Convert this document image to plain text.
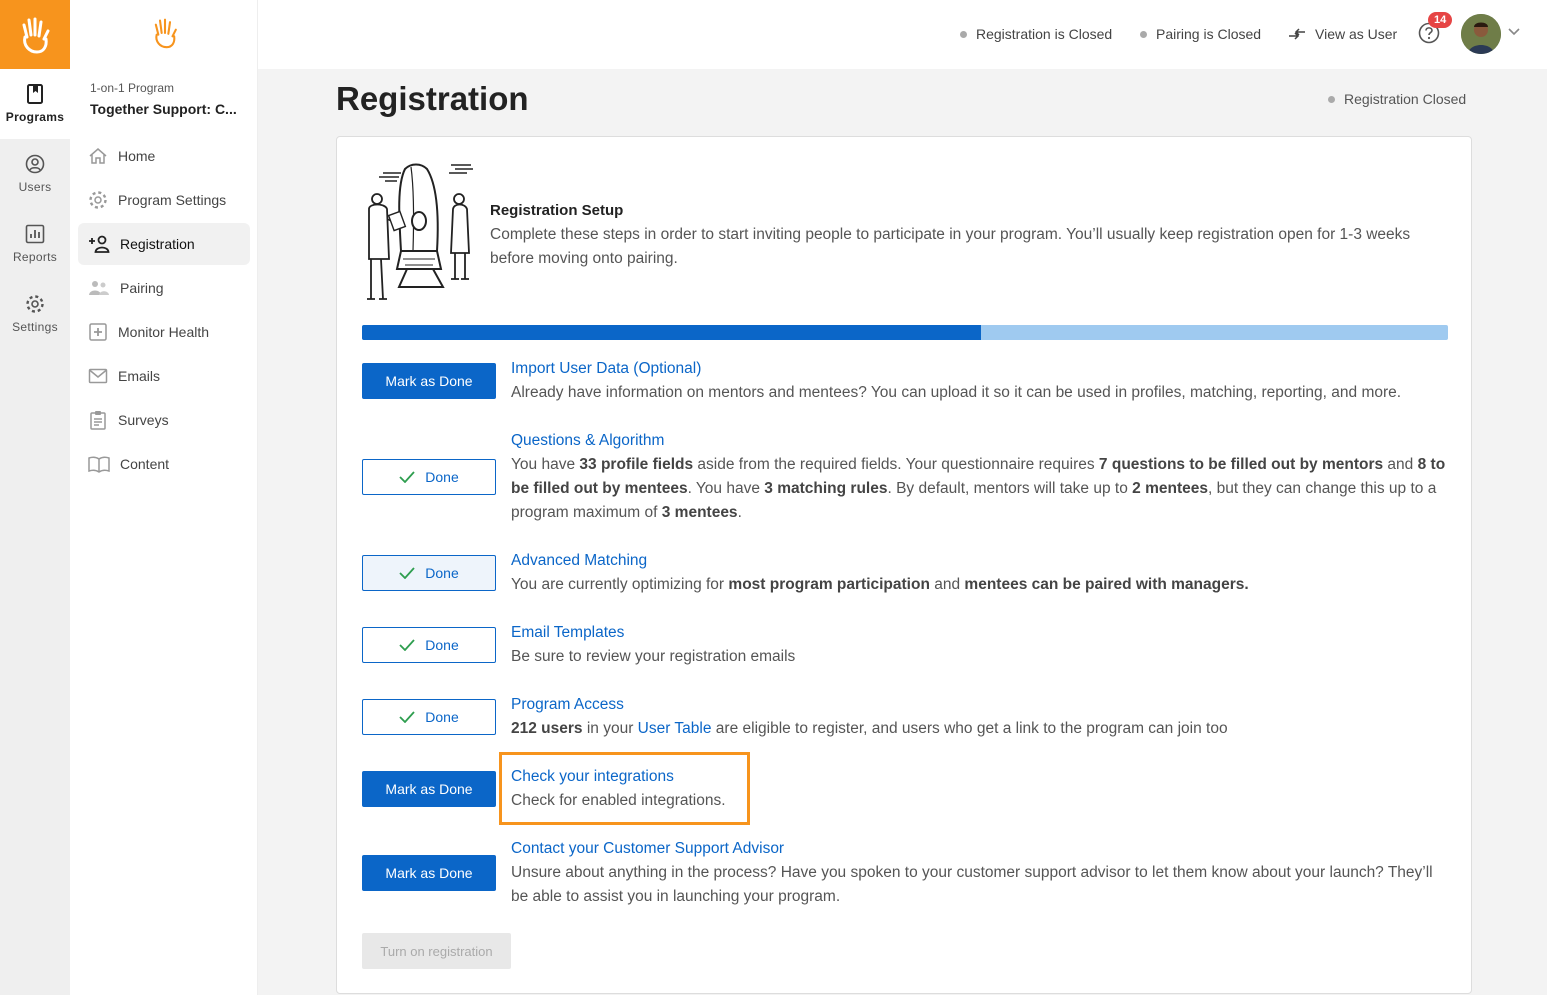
Programs
Users
Reports
Settings
1-on-1 Program
Together Support: C...
Home
Program Settings
Registration
Pairing
Monitor Health
Emails
Surveys
Content
Registration is Closed	Pairing is Closed	View as User
14
Registration	Registration Closed
Registration Setup
Complete these steps in order to start inviting people to participate in your program. You’ll usually keep registration open for 1-3 weeks before moving onto pairing.
Mark as Done
Import User Data (Optional)
Already have information on mentors and mentees? You can upload it so it can be used in profiles, matching, reporting, and more.
Done
Questions & Algorithm
You have 33 profile fields aside from the required fields. Your questionnaire requires 7 questions to be filled out by mentors and 8 to be filled out by mentees. You have 3 matching rules. By default, mentors will take up to 2 mentees, but they can change this up to a program maximum of 3 mentees.
Done
Advanced Matching
You are currently optimizing for most program participation and mentees can be paired with managers.
Done
Email Templates
Be sure to review your registration emails
Done
Program Access
212 users in your User Table are eligible to register, and users who get a link to the program can join too
Mark as Done
Check your integrations
Check for enabled integrations.
Mark as Done
Contact your Customer Support Advisor
Unsure about anything in the process? Have you spoken to your customer support advisor to let them know about your launch? They’ll be able to assist you in launching your program.
Turn on registration
